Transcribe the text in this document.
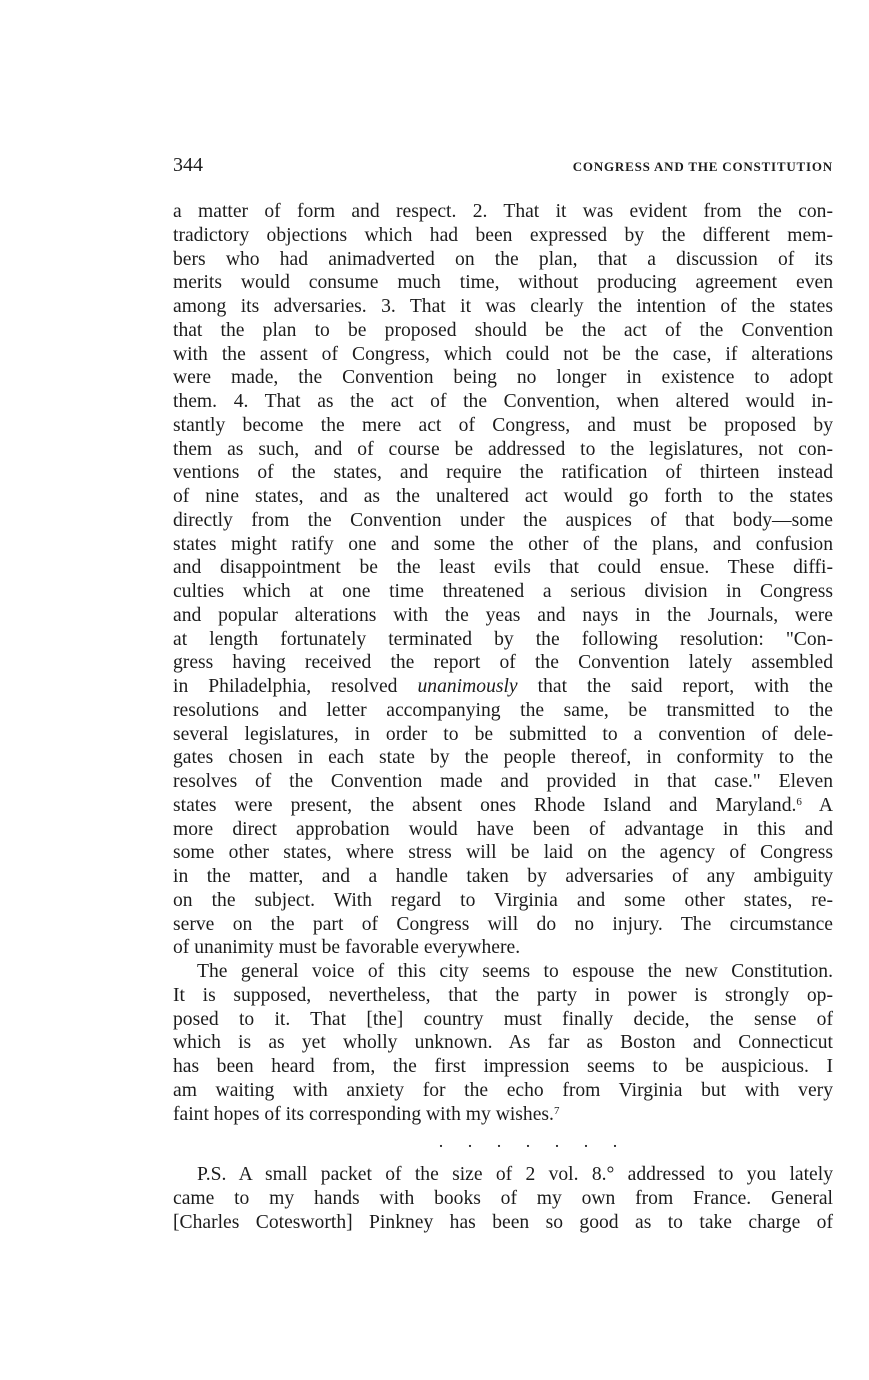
344	CONGRESS AND THE CONSTITUTION
a matter of form and respect. 2. That it was evident from the con-
tradictory objections which had been expressed by the different mem-
bers who had animadverted on the plan, that a discussion of its
merits would consume much time, without producing agreement even
among its adversaries. 3. That it was clearly the intention of the states
that the plan to be proposed should be the act of the Convention
with the assent of Congress, which could not be the case, if alterations
were made, the Convention being no longer in existence to adopt
them. 4. That as the act of the Convention, when altered would in-
stantly become the mere act of Congress, and must be proposed by
them as such, and of course be addressed to the legislatures, not con-
ventions of the states, and require the ratification of thirteen instead
of nine states, and as the unaltered act would go forth to the states
directly from the Convention under the auspices of that body—some
states might ratify one and some the other of the plans, and confusion
and disappointment be the least evils that could ensue. These diffi-
culties which at one time threatened a serious division in Congress
and popular alterations with the yeas and nays in the Journals, were
at length fortunately terminated by the following resolution: "Con-
gress having received the report of the Convention lately assembled
in Philadelphia, resolved unanimously that the said report, with the
resolutions and letter accompanying the same, be transmitted to the
several legislatures, in order to be submitted to a convention of dele-
gates chosen in each state by the people thereof, in conformity to the
resolves of the Convention made and provided in that case." Eleven
states were present, the absent ones Rhode Island and Maryland.$^6$ A
more direct approbation would have been of advantage in this and
some other states, where stress will be laid on the agency of Congress
in the matter, and a handle taken by adversaries of any ambiguity
on the subject. With regard to Virginia and some other states, re-
serve on the part of Congress will do no injury. The circumstance
of unanimity must be favorable everywhere.
The general voice of this city seems to espouse the new Constitution.
It is supposed, nevertheless, that the party in power is strongly op-
posed to it. That [the] country must finally decide, the sense of
which is as yet wholly unknown. As far as Boston and Connecticut
has been heard from, the first impression seems to be auspicious. I
am waiting with anxiety for the echo from Virginia but with very
faint hopes of its corresponding with my wishes.$^7$
. . . . . . .
P.S. A small packet of the size of 2 vol. 8.° addressed to you lately
came to my hands with books of my own from France. General
[Charles Cotesworth] Pinkney has been so good as to take charge of
